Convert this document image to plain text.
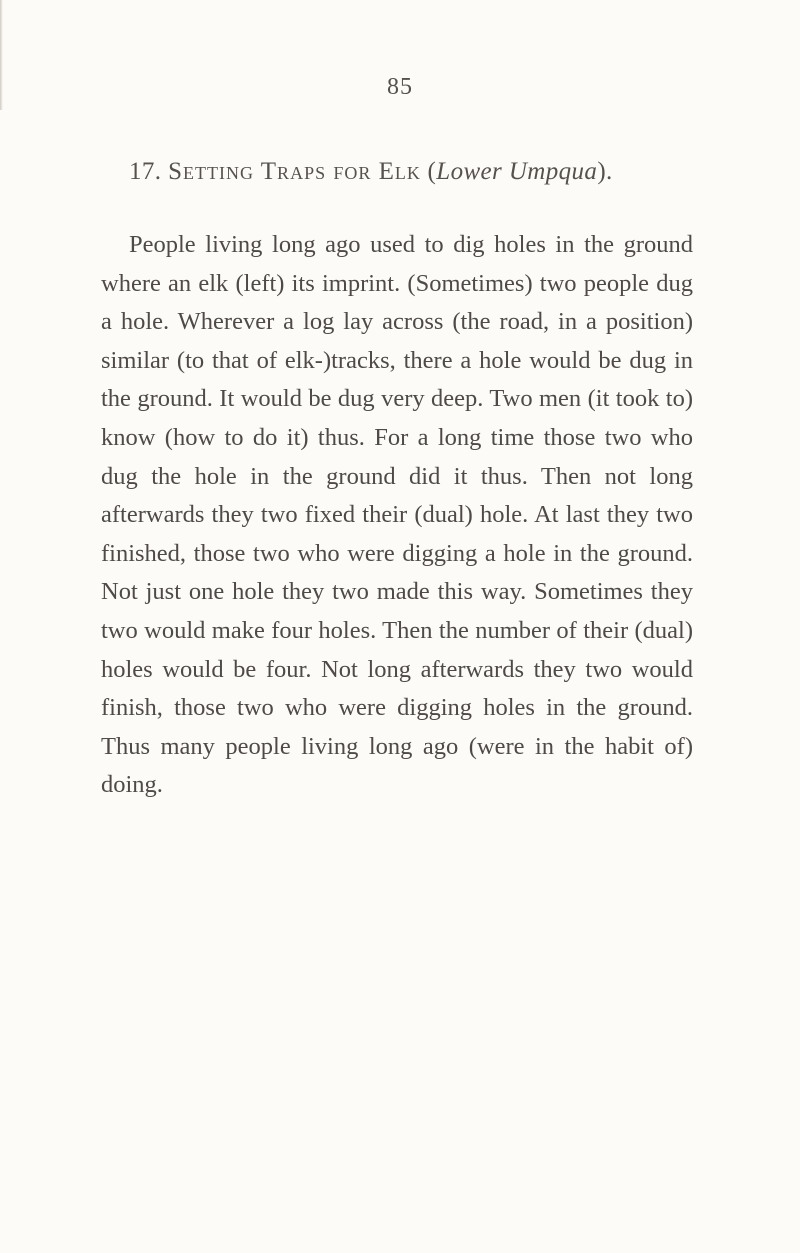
85
17. Setting Traps for Elk (Lower Umpqua).

People living long ago used to dig holes in the ground where an elk (left) its imprint. (Sometimes) two people dug a hole. Wherever a log lay across (the road, in a position) similar (to that of elk-)tracks, there a hole would be dug in the ground. It would be dug very deep. Two men (it took to) know (how to do it) thus. For a long time those two who dug the hole in the ground did it thus. Then not long afterwards they two fixed their (dual) hole. At last they two finished, those two who were digging a hole in the ground. Not just one hole they two made this way. Sometimes they two would make four holes. Then the number of their (dual) holes would be four. Not long afterwards they two would finish, those two who were digging holes in the ground. Thus many people living long ago (were in the habit of) doing.
